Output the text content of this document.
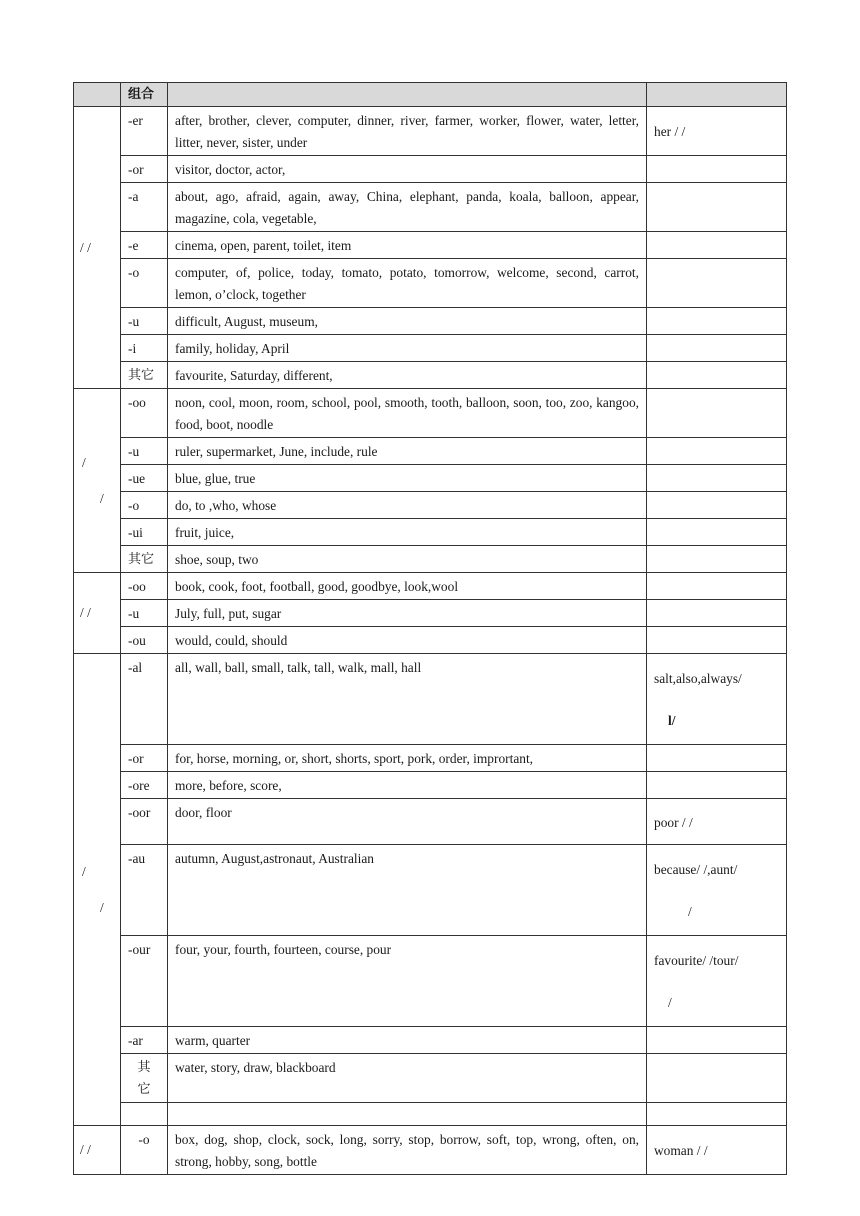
	组合		
/ /	-er	after, brother, clever, computer, dinner, river, farmer, worker, flower, water, letter, litter, never, sister, under	her / /
	-or	visitor, doctor, actor,	
	-a	about, ago, afraid, again, away, China, elephant, panda, koala, balloon, appear, magazine, cola, vegetable,	
	-e	cinema, open, parent, toilet, item	
	-o	computer, of, police, today, tomato, potato, tomorrow, welcome, second, carrot, lemon, o’clock, together	
	-u	difficult, August, museum,	
	-i	family, holiday, April	
	其它	favourite, Saturday, different,	

/
/	-oo	noon, cool, moon, room, school, pool, smooth, tooth, balloon, soon, too, zoo, kangoo, food, boot, noodle	
	-u	ruler, supermarket, June, include, rule	
	-ue	blue, glue, true	
	-o	do, to ,who, whose	
	-ui	fruit, juice,	
	其它	shoe, soup, two	
/ /	-oo	book, cook, foot, football, good, goodbye, look,wool	
	-u	July, full, put, sugar	
	-ou	would, could, should	

/
/	-al	all, wall, ball, small, talk, tall, walk, mall, hall	salt,also,always/
l/

	-or	for, horse, morning, or, short, shorts, sport, pork, order, imprortant,	
	-ore	more, before, score,	
	-oor	door, floor	poor / /
	-au	autumn, August,astronaut, Australian	because/ /,aunt/
/

	-our	four, your, fourth, fourteen, course, pour	favourite/ /tour/
/

	-ar	warm, quarter	

	其
它	water, story, draw, blackboard	

/ /	-o	box, dog, shop, clock, sock, long, sorry, stop, borrow, soft, top, wrong, often, on, strong, hobby, song, bottle	woman / /
